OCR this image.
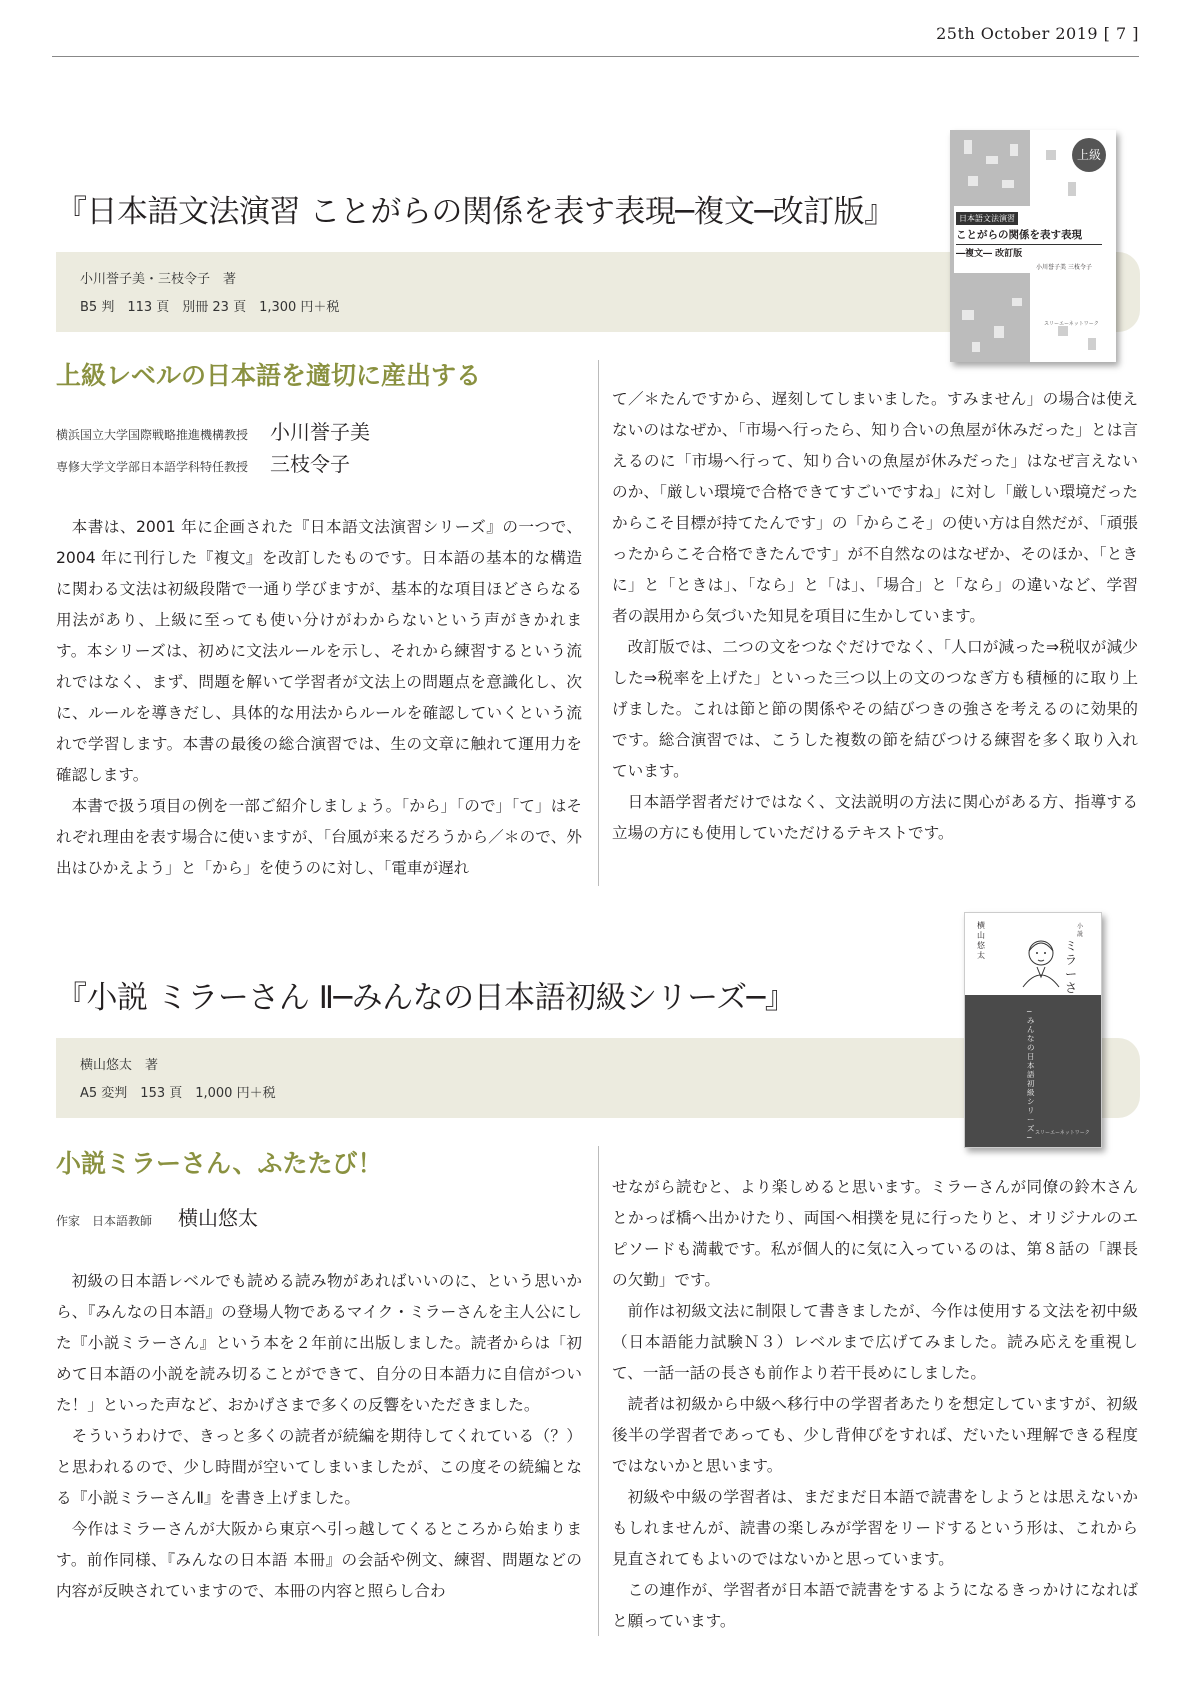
25th October 2019 [ 7 ]
『日本語文法演習 ことがらの関係を表す表現─複文─改訂版』
小川誉子美・三枝令子　著
B5 判　113 頁　別冊 23 頁　1,300 円＋税
上級
日本語文法演習
ことがらの関係を表す表現
―複文― 改訂版
小川誉子美 三枝令子
スリーエーネットワーク
上級レベルの日本語を適切に産出する
横浜国立大学国際戦略推進機構教授 小川誉子美
専修大学文学部日本語学科特任教授 三枝令子

本書は、2001 年に企画された『日本語文法演習シリーズ』の一つで、2004 年に刊行した『複文』を改訂したものです。日本語の基本的な構造に関わる文法は初級段階で一通り学びますが、基本的な項目ほどさらなる用法があり、上級に至っても使い分けがわからないという声がきかれます。本シリーズは、初めに文法ルールを示し、それから練習するという流れではなく、まず、問題を解いて学習者が文法上の問題点を意識化し、次に、ルールを導きだし、具体的な用法からルールを確認していくという流れで学習します。本書の最後の総合演習では、生の文章に触れて運用力を確認します。

本書で扱う項目の例を一部ご紹介しましょう。「から」「ので」「て」はそれぞれ理由を表す場合に使いますが、「台風が来るだろうから／＊ので、外出はひかえよう」と「から」を使うのに対し、「電車が遅れ

て／＊たんですから、遅刻してしまいました。すみません」の場合は使えないのはなぜか、「市場へ行ったら、知り合いの魚屋が休みだった」とは言えるのに「市場へ行って、知り合いの魚屋が休みだった」はなぜ言えないのか、「厳しい環境で合格できてすごいですね」に対し「厳しい環境だったからこそ目標が持てたんです」の「からこそ」の使い方は自然だが、「頑張ったからこそ合格できたんです」が不自然なのはなぜか、そのほか、「ときに」と「ときは」、「なら」と「は」、「場合」と「なら」の違いなど、学習者の誤用から気づいた知見を項目に生かしています。

改訂版では、二つの文をつなぐだけでなく、「人口が減った⇒税収が減少した⇒税率を上げた」といった三つ以上の文のつなぎ方も積極的に取り上げました。これは節と節の関係やその結びつきの強さを考えるのに効果的です。総合演習では、こうした複数の節を結びつける練習を多く取り入れています。

日本語学習者だけではなく、文法説明の方法に関心がある方、指導する立場の方にも使用していただけるテキストです。

『小説 ミラーさん Ⅱ─みんなの日本語初級シリーズ─』
横山悠太　著
A5 変判　153 頁　1,000 円＋税
横山悠太
小説
ミラーさ
─みんなの日本語初級シリーズ─ スリーエーネットワーク
小説ミラーさん、ふたたび！
作家　日本語教師 横山悠太

初級の日本語レベルでも読める読み物があればいいのに、という思いから、『みんなの日本語』の登場人物であるマイク・ミラーさんを主人公にした『小説ミラーさん』という本を２年前に出版しました。読者からは「初めて日本語の小説を読み切ることができて、自分の日本語力に自信がついた！」といった声など、おかげさまで多くの反響をいただきました。

そういうわけで、きっと多くの読者が続編を期待してくれている（？）と思われるので、少し時間が空いてしまいましたが、この度その続編となる『小説ミラーさんⅡ』を書き上げました。

今作はミラーさんが大阪から東京へ引っ越してくるところから始まります。前作同様、『みんなの日本語 本冊』の会話や例文、練習、問題などの内容が反映されていますので、本冊の内容と照らし合わ

せながら読むと、より楽しめると思います。ミラーさんが同僚の鈴木さんとかっぱ橋へ出かけたり、両国へ相撲を見に行ったりと、オリジナルのエピソードも満載です。私が個人的に気に入っているのは、第８話の「課長の欠勤」です。

前作は初級文法に制限して書きましたが、今作は使用する文法を初中級（日本語能力試験Ｎ３）レベルまで広げてみました。読み応えを重視して、一話一話の長さも前作より若干長めにしました。

読者は初級から中級へ移行中の学習者あたりを想定していますが、初級後半の学習者であっても、少し背伸びをすれば、だいたい理解できる程度ではないかと思います。

初級や中級の学習者は、まだまだ日本語で読書をしようとは思えないかもしれませんが、読書の楽しみが学習をリードするという形は、これから見直されてもよいのではないかと思っています。

この連作が、学習者が日本語で読書をするようになるきっかけになればと願っています。
